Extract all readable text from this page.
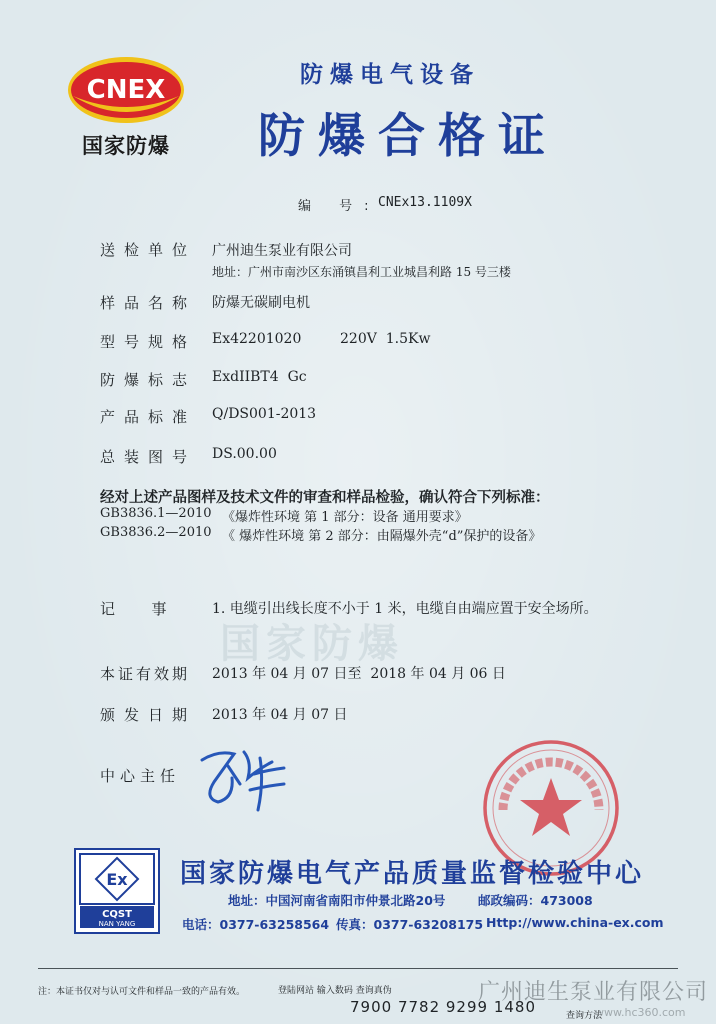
CNEX
国家防爆
防爆电气设备
防爆合格证
编 号:
CNEx13.1109X
送检单位 广州迪生泵业有限公司
地址：广州市南沙区东涌镇昌利工业城昌利路 15 号三楼
样品名称 防爆无碳刷电机
型号规格 Ex42201020	220V  1.5Kw
防爆标志 ExdIIBT4  Gc
产品标准 Q/DS001-2013
总装图号 DS.00.00
经对上述产品图样及技术文件的审查和样品检验，确认符合下列标准：
GB3836.1—2010 《爆炸性环境 第 1 部分：设备 通用要求》
GB3836.2—2010 《 爆炸性环境 第 2 部分：由隔爆外壳“d”保护的设备》
国家防爆
记  事	1. 电缆引出线长度不小于 1 米，电缆自由端应置于安全场所。
本证有效期 2013 年 04 月 07 日至  2018 年 04 月 06 日
颁发日期 2013 年 04 月 07 日
中心主任
Ex
CQST
NAN YANG
国家防爆电气产品质量监督检验中心
地址：中国河南省南阳市仲景北路20号	邮政编码：473008
电话：0377-63258564 传真：0377-63208175 Http://www.china-ex.com
注：本证书仅对与认可文件和样品一致的产品有效。	登陆网站 输入数码 查询真伪
7900 7782 9299 1480	查询方法
广州迪生泵业有限公司
www.hc360.com
